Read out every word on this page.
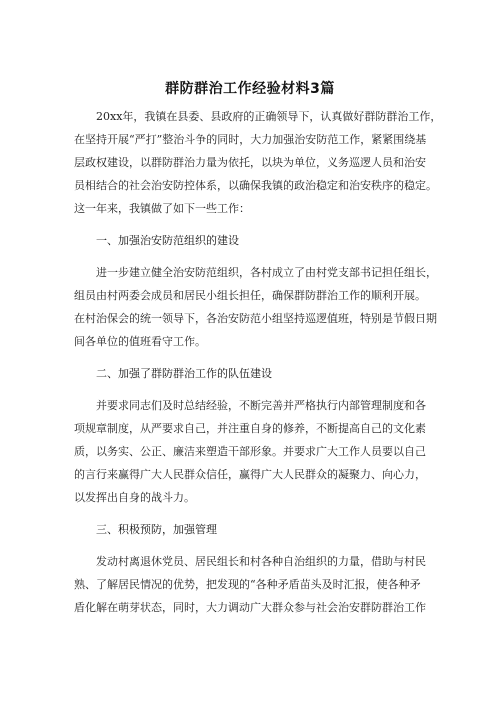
群防群治工作经验材料3篇
20xx年，我镇在县委、县政府的正确领导下，认真做好群防群治工作，
在坚持开展“严打”整治斗争的同时，大力加强治安防范工作，紧紧围绕基
层政权建设，以群防群治力量为依托，以块为单位，义务巡逻人员和治安
员相结合的社会治安防控体系，以确保我镇的政治稳定和治安秩序的稳定。
这一年来，我镇做了如下一些工作：
一、加强治安防范组织的建设
进一步建立健全治安防范组织，各村成立了由村党支部书记担任组长，
组员由村两委会成员和居民小组长担任，确保群防群治工作的顺利开展。
在村治保会的统一领导下，各治安防范小组坚持巡逻值班，特别是节假日期
间各单位的值班看守工作。
二、加强了群防群治工作的队伍建设
并要求同志们及时总结经验，不断完善并严格执行内部管理制度和各
项规章制度，从严要求自己，并注重自身的修养，不断提高自己的文化素
质，以务实、公正、廉洁来塑造干部形象。并要求广大工作人员要以自己
的言行来赢得广大人民群众信任，赢得广大人民群众的凝聚力、向心力，
以发挥出自身的战斗力。
三、积极预防，加强管理
发动村离退休党员、居民组长和村各种自治组织的力量，借助与村民
熟、了解居民情况的优势，把发现的“各种矛盾苗头及时汇报，使各种矛
盾化解在萌芽状态，同时，大力调动广大群众参与社会治安群防群治工作
